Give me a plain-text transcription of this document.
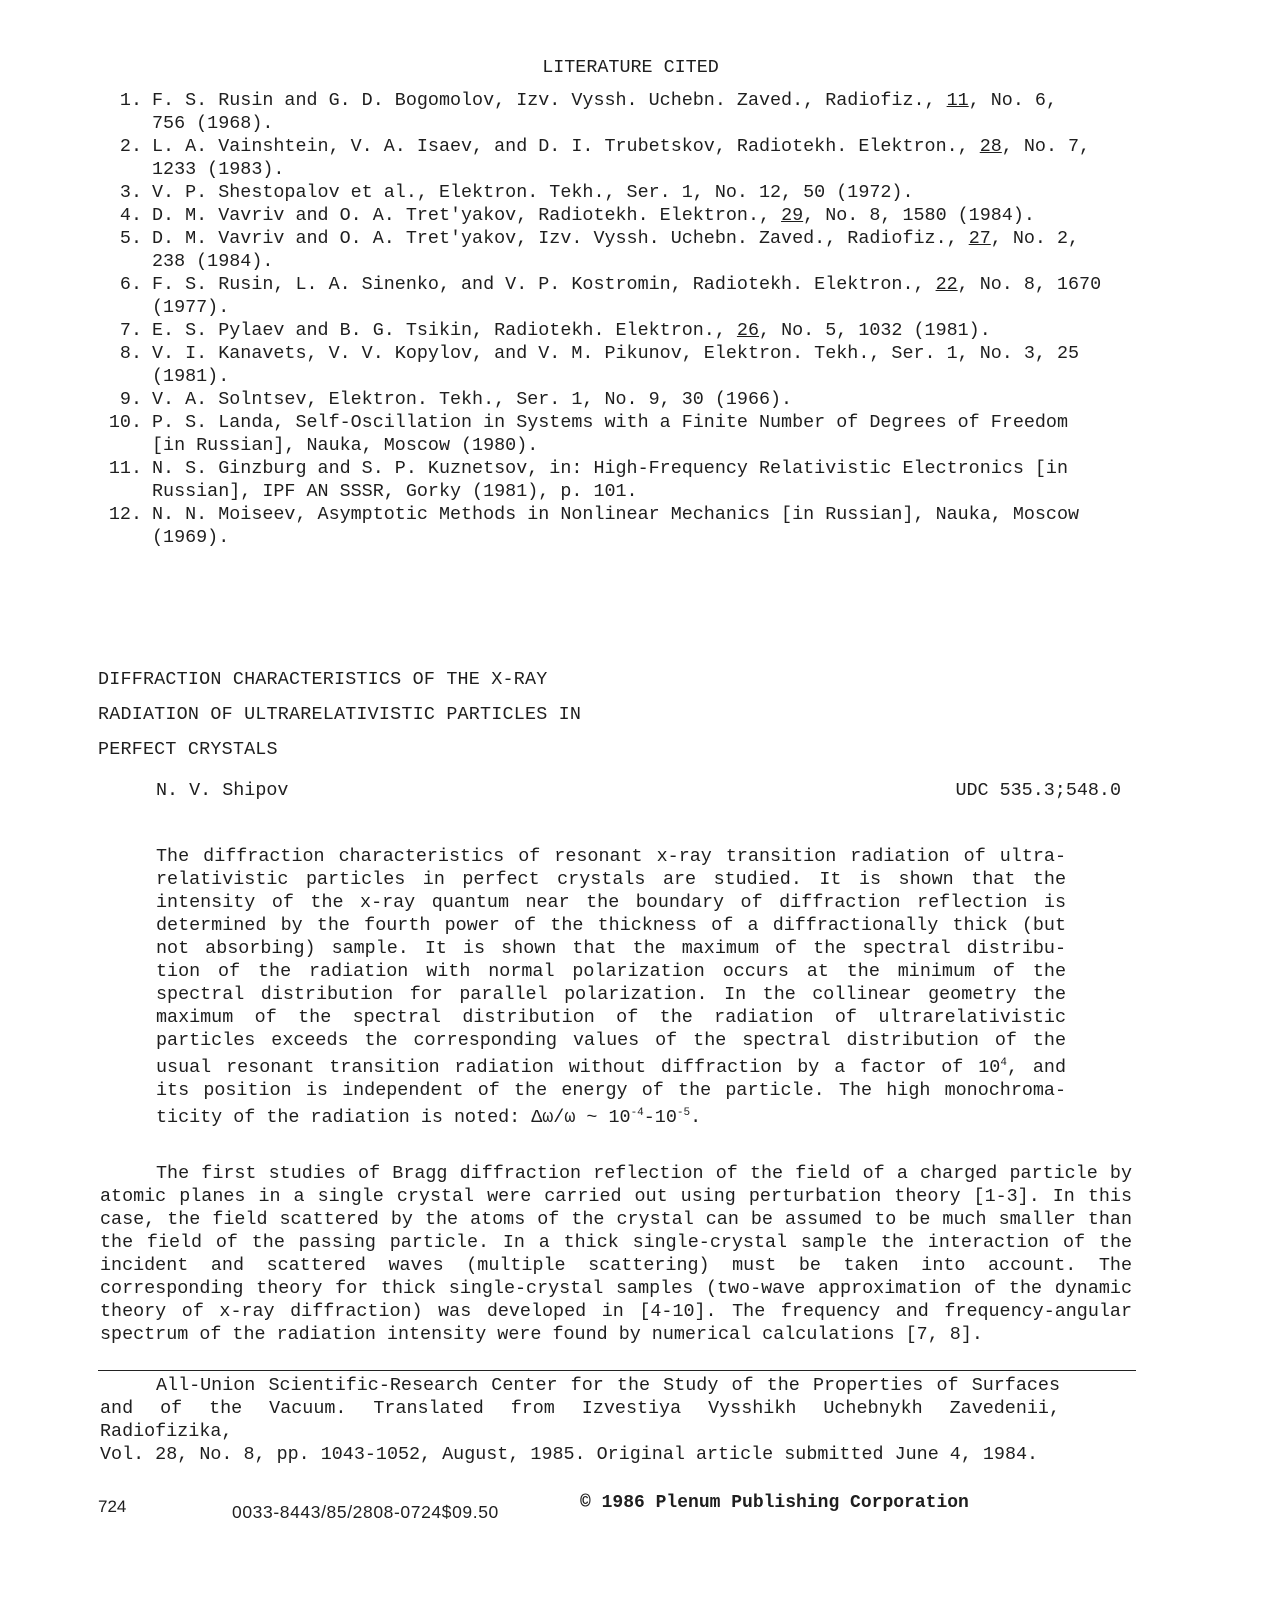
LITERATURE CITED
1. F. S. Rusin and G. D. Bogomolov, Izv. Vyssh. Uchebn. Zaved., Radiofiz., 11, No. 6,
756 (1968).
2. L. A. Vainshtein, V. A. Isaev, and D. I. Trubetskov, Radiotekh. Elektron., 28, No. 7,
1233 (1983).
3. V. P. Shestopalov et al., Elektron. Tekh., Ser. 1, No. 12, 50 (1972).
4. D. M. Vavriv and O. A. Tret'yakov, Radiotekh. Elektron., 29, No. 8, 1580 (1984).
5. D. M. Vavriv and O. A. Tret'yakov, Izv. Vyssh. Uchebn. Zaved., Radiofiz., 27, No. 2,
238 (1984).
6. F. S. Rusin, L. A. Sinenko, and V. P. Kostromin, Radiotekh. Elektron., 22, No. 8, 1670
(1977).
7. E. S. Pylaev and B. G. Tsikin, Radiotekh. Elektron., 26, No. 5, 1032 (1981).
8. V. I. Kanavets, V. V. Kopylov, and V. M. Pikunov, Elektron. Tekh., Ser. 1, No. 3, 25
(1981).
9. V. A. Solntsev, Elektron. Tekh., Ser. 1, No. 9, 30 (1966).
10. P. S. Landa, Self-Oscillation in Systems with a Finite Number of Degrees of Freedom
[in Russian], Nauka, Moscow (1980).
11. N. S. Ginzburg and S. P. Kuznetsov, in: High-Frequency Relativistic Electronics [in
Russian], IPF AN SSSR, Gorky (1981), p. 101.
12. N. N. Moiseev, Asymptotic Methods in Nonlinear Mechanics [in Russian], Nauka, Moscow
(1969).
DIFFRACTION CHARACTERISTICS OF THE X-RAY
RADIATION OF ULTRARELATIVISTIC PARTICLES IN
PERFECT CRYSTALS
N. V. Shipov	UDC 535.3;548.0
The diffraction characteristics of resonant x-ray transition radiation of ultra-
relativistic particles in perfect crystals are studied. It is shown that the
intensity of the x-ray quantum near the boundary of diffraction reflection is
determined by the fourth power of the thickness of a diffractionally thick (but
not absorbing) sample. It is shown that the maximum of the spectral distribu-
tion of the radiation with normal polarization occurs at the minimum of the
spectral distribution for parallel polarization. In the collinear geometry the
maximum of the spectral distribution of the radiation of ultrarelativistic
particles exceeds the corresponding values of the spectral distribution of the
usual resonant transition radiation without diffraction by a factor of $10^4$, and
its position is independent of the energy of the particle. The high monochroma-
ticity of the radiation is noted: Δω/ω ~ $10^{-4}-10^{-5}$.
The first studies of Bragg diffraction reflection of the field of a charged particle by
atomic planes in a single crystal were carried out using perturbation theory [1-3]. In this
case, the field scattered by the atoms of the crystal can be assumed to be much smaller than
the field of the passing particle. In a thick single-crystal sample the interaction of the
incident and scattered waves (multiple scattering) must be taken into account. The
corresponding theory for thick single-crystal samples (two-wave approximation of the dynamic
theory of x-ray diffraction) was developed in [4-10]. The frequency and frequency-angular
spectrum of the radiation intensity were found by numerical calculations [7, 8].
All-Union Scientific-Research Center for the Study of the Properties of Surfaces
and of the Vacuum. Translated from Izvestiya Vysshikh Uchebnykh Zavedenii, Radiofizika,
Vol. 28, No. 8, pp. 1043-1052, August, 1985. Original article submitted June 4, 1984.
724	0033-8443/85/2808-0724$09.50	© 1986 Plenum Publishing Corporation
